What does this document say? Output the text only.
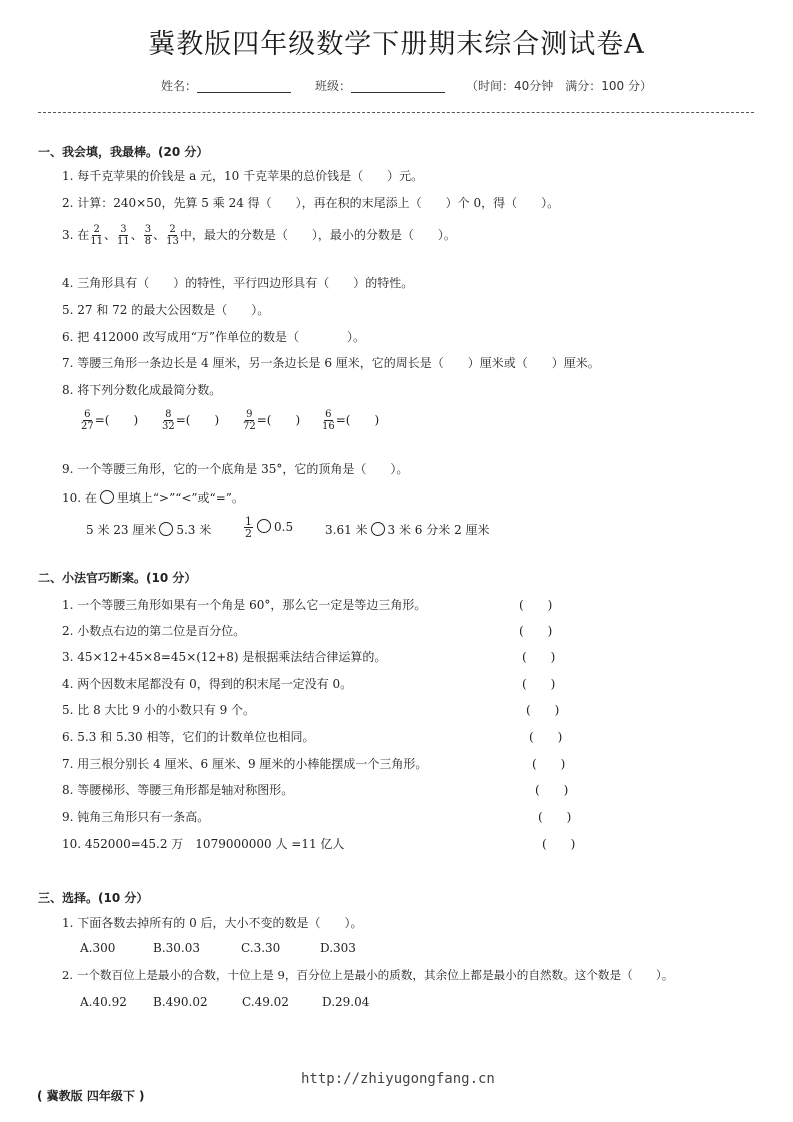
冀教版四年级数学下册期末综合测试卷A
姓名：	班级：	（时间：40分钟　满分：100 分）
一、我会填，我最棒。(20 分）
1. 每千克苹果的价钱是 a 元，10 千克苹果的总价钱是（　　）元。
2. 计算：240×50，先算 5 乘 24 得（　　），再在积的末尾添上（　　）个 0，得（　　）。
3. 在 $\frac{2}{11}$ 、 $\frac{3}{11}$ 、 $\frac{3}{8}$ 、 $\frac{2}{13}$ 中，最大的分数是（　　），最小的分数是（　　）。
4. 三角形具有（　　）的特性，平行四边形具有（　　）的特性。
5. 27 和 72 的最大公因数是（　　）。
6. 把 412000 改写成用“万”作单位的数是（　　　　）。
7. 等腰三角形一条边长是 4 厘米，另一条边长是 6 厘米，它的周长是（　　）厘米或（　　）厘米。
8. 将下列分数化成最简分数。
$\frac{6}{27}$ =(　　) $\frac{8}{32}$ =(　　) $\frac{9}{72}$ =(　　) $\frac{6}{16}$ =(　　)
9. 一个等腰三角形，它的一个底角是 35°，它的顶角是（　　）。
10. 在 里填上“>”“<”或“=”。
5 米 23 厘米 5.3 米	$\frac{1}{2} 0.5$	3.61 米 3 米 6 分米 2 厘米
二、小法官巧断案。(10 分）
1. 一个等腰三角形如果有一个角是 60°，那么它一定是等边三角形。	(　　)
2. 小数点右边的第二位是百分位。	(　　)
3. 45×12+45×8=45×(12+8) 是根据乘法结合律运算的。	(　　)
4. 两个因数末尾都没有 0，得到的积末尾一定没有 0。	(　　)
5. 比 8 大比 9 小的小数只有 9 个。	(　　)
6. 5.3 和 5.30 相等，它们的计数单位也相同。	(　　)
7. 用三根分别长 4 厘米、6 厘米、9 厘米的小棒能摆成一个三角形。	(　　)
8. 等腰梯形、等腰三角形都是轴对称图形。	(　　)
9. 钝角三角形只有一条高。	(　　)
10. 452000=45.2 万　1079000000 人 =11 亿人	(　　)
三、选择。(10 分）
1. 下面各数去掉所有的 0 后，大小不变的数是（　　）。
A.300	B.30.03	C.3.30	D.303
2. 一个数百位上是最小的合数，十位上是 9，百分位上是最小的质数，其余位上都是最小的自然数。这个数是（　　）。
A.40.92 B.490.02	C.49.02	D.29.04
http://zhiyugongfang.cn
( 冀教版 四年级下 )
